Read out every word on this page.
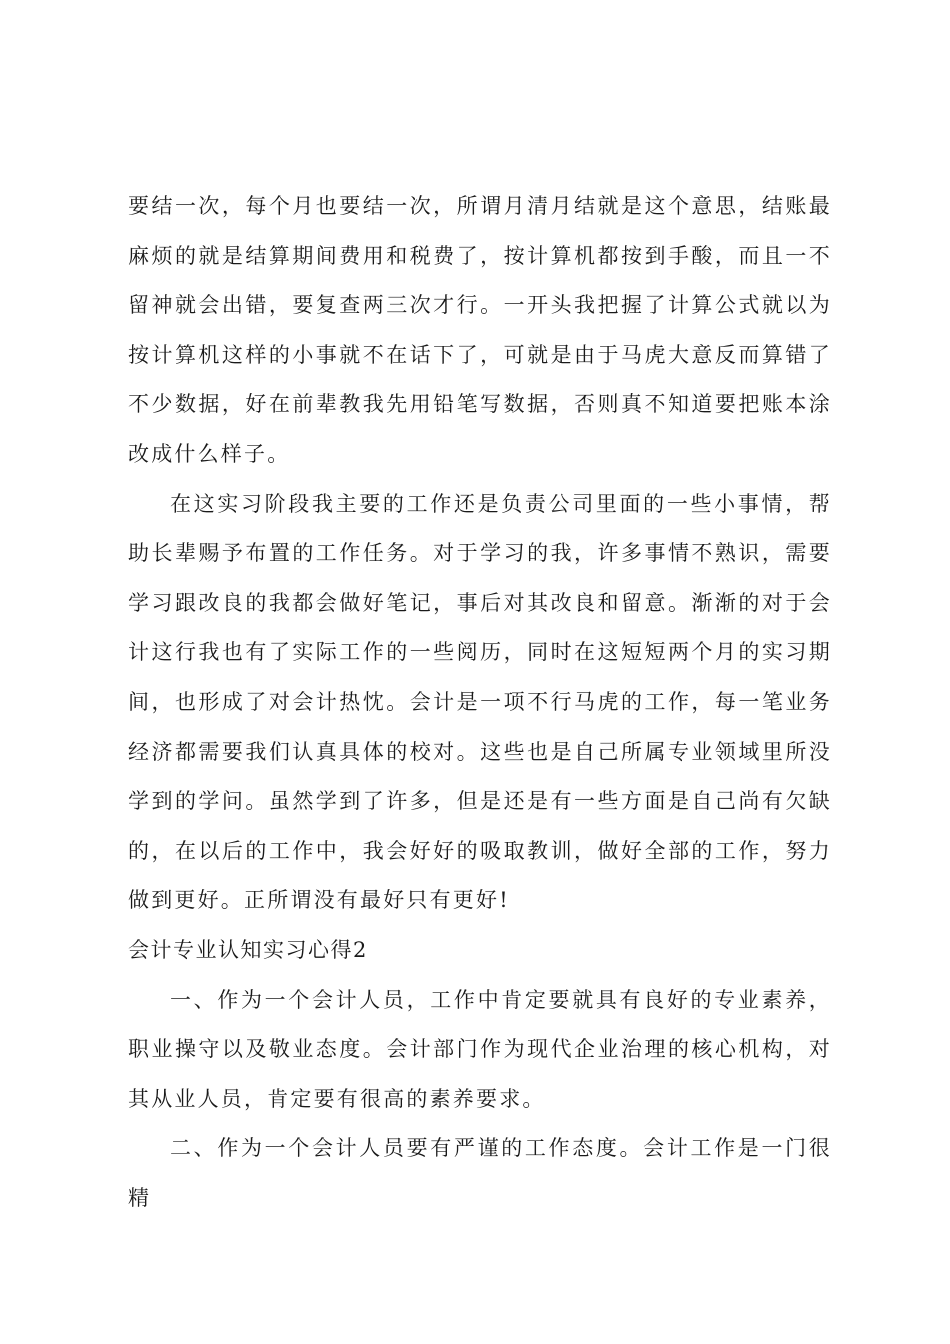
要结一次，每个月也要结一次，所谓月清月结就是这个意思，结账最麻烦的就是结算期间费用和税费了，按计算机都按到手酸，而且一不留神就会出错，要复查两三次才行。一开头我把握了计算公式就以为按计算机这样的小事就不在话下了，可就是由于马虎大意反而算错了不少数据，好在前辈教我先用铅笔写数据，否则真不知道要把账本涂改成什么样子。

在这实习阶段我主要的工作还是负责公司里面的一些小事情，帮助长辈赐予布置的工作任务。对于学习的我，许多事情不熟识，需要学习跟改良的我都会做好笔记，事后对其改良和留意。渐渐的对于会计这行我也有了实际工作的一些阅历，同时在这短短两个月的实习期间，也形成了对会计热忱。会计是一项不行马虎的工作，每一笔业务经济都需要我们认真具体的校对。这些也是自己所属专业领域里所没学到的学问。虽然学到了许多，但是还是有一些方面是自己尚有欠缺的，在以后的工作中，我会好好的吸取教训，做好全部的工作，努力做到更好。正所谓没有最好只有更好!

会计专业认知实习心得2

一、作为一个会计人员，工作中肯定要就具有良好的专业素养，职业操守以及敬业态度。会计部门作为现代企业治理的核心机构，对其从业人员，肯定要有很高的素养要求。

二、作为一个会计人员要有严谨的工作态度。会计工作是一门很精
